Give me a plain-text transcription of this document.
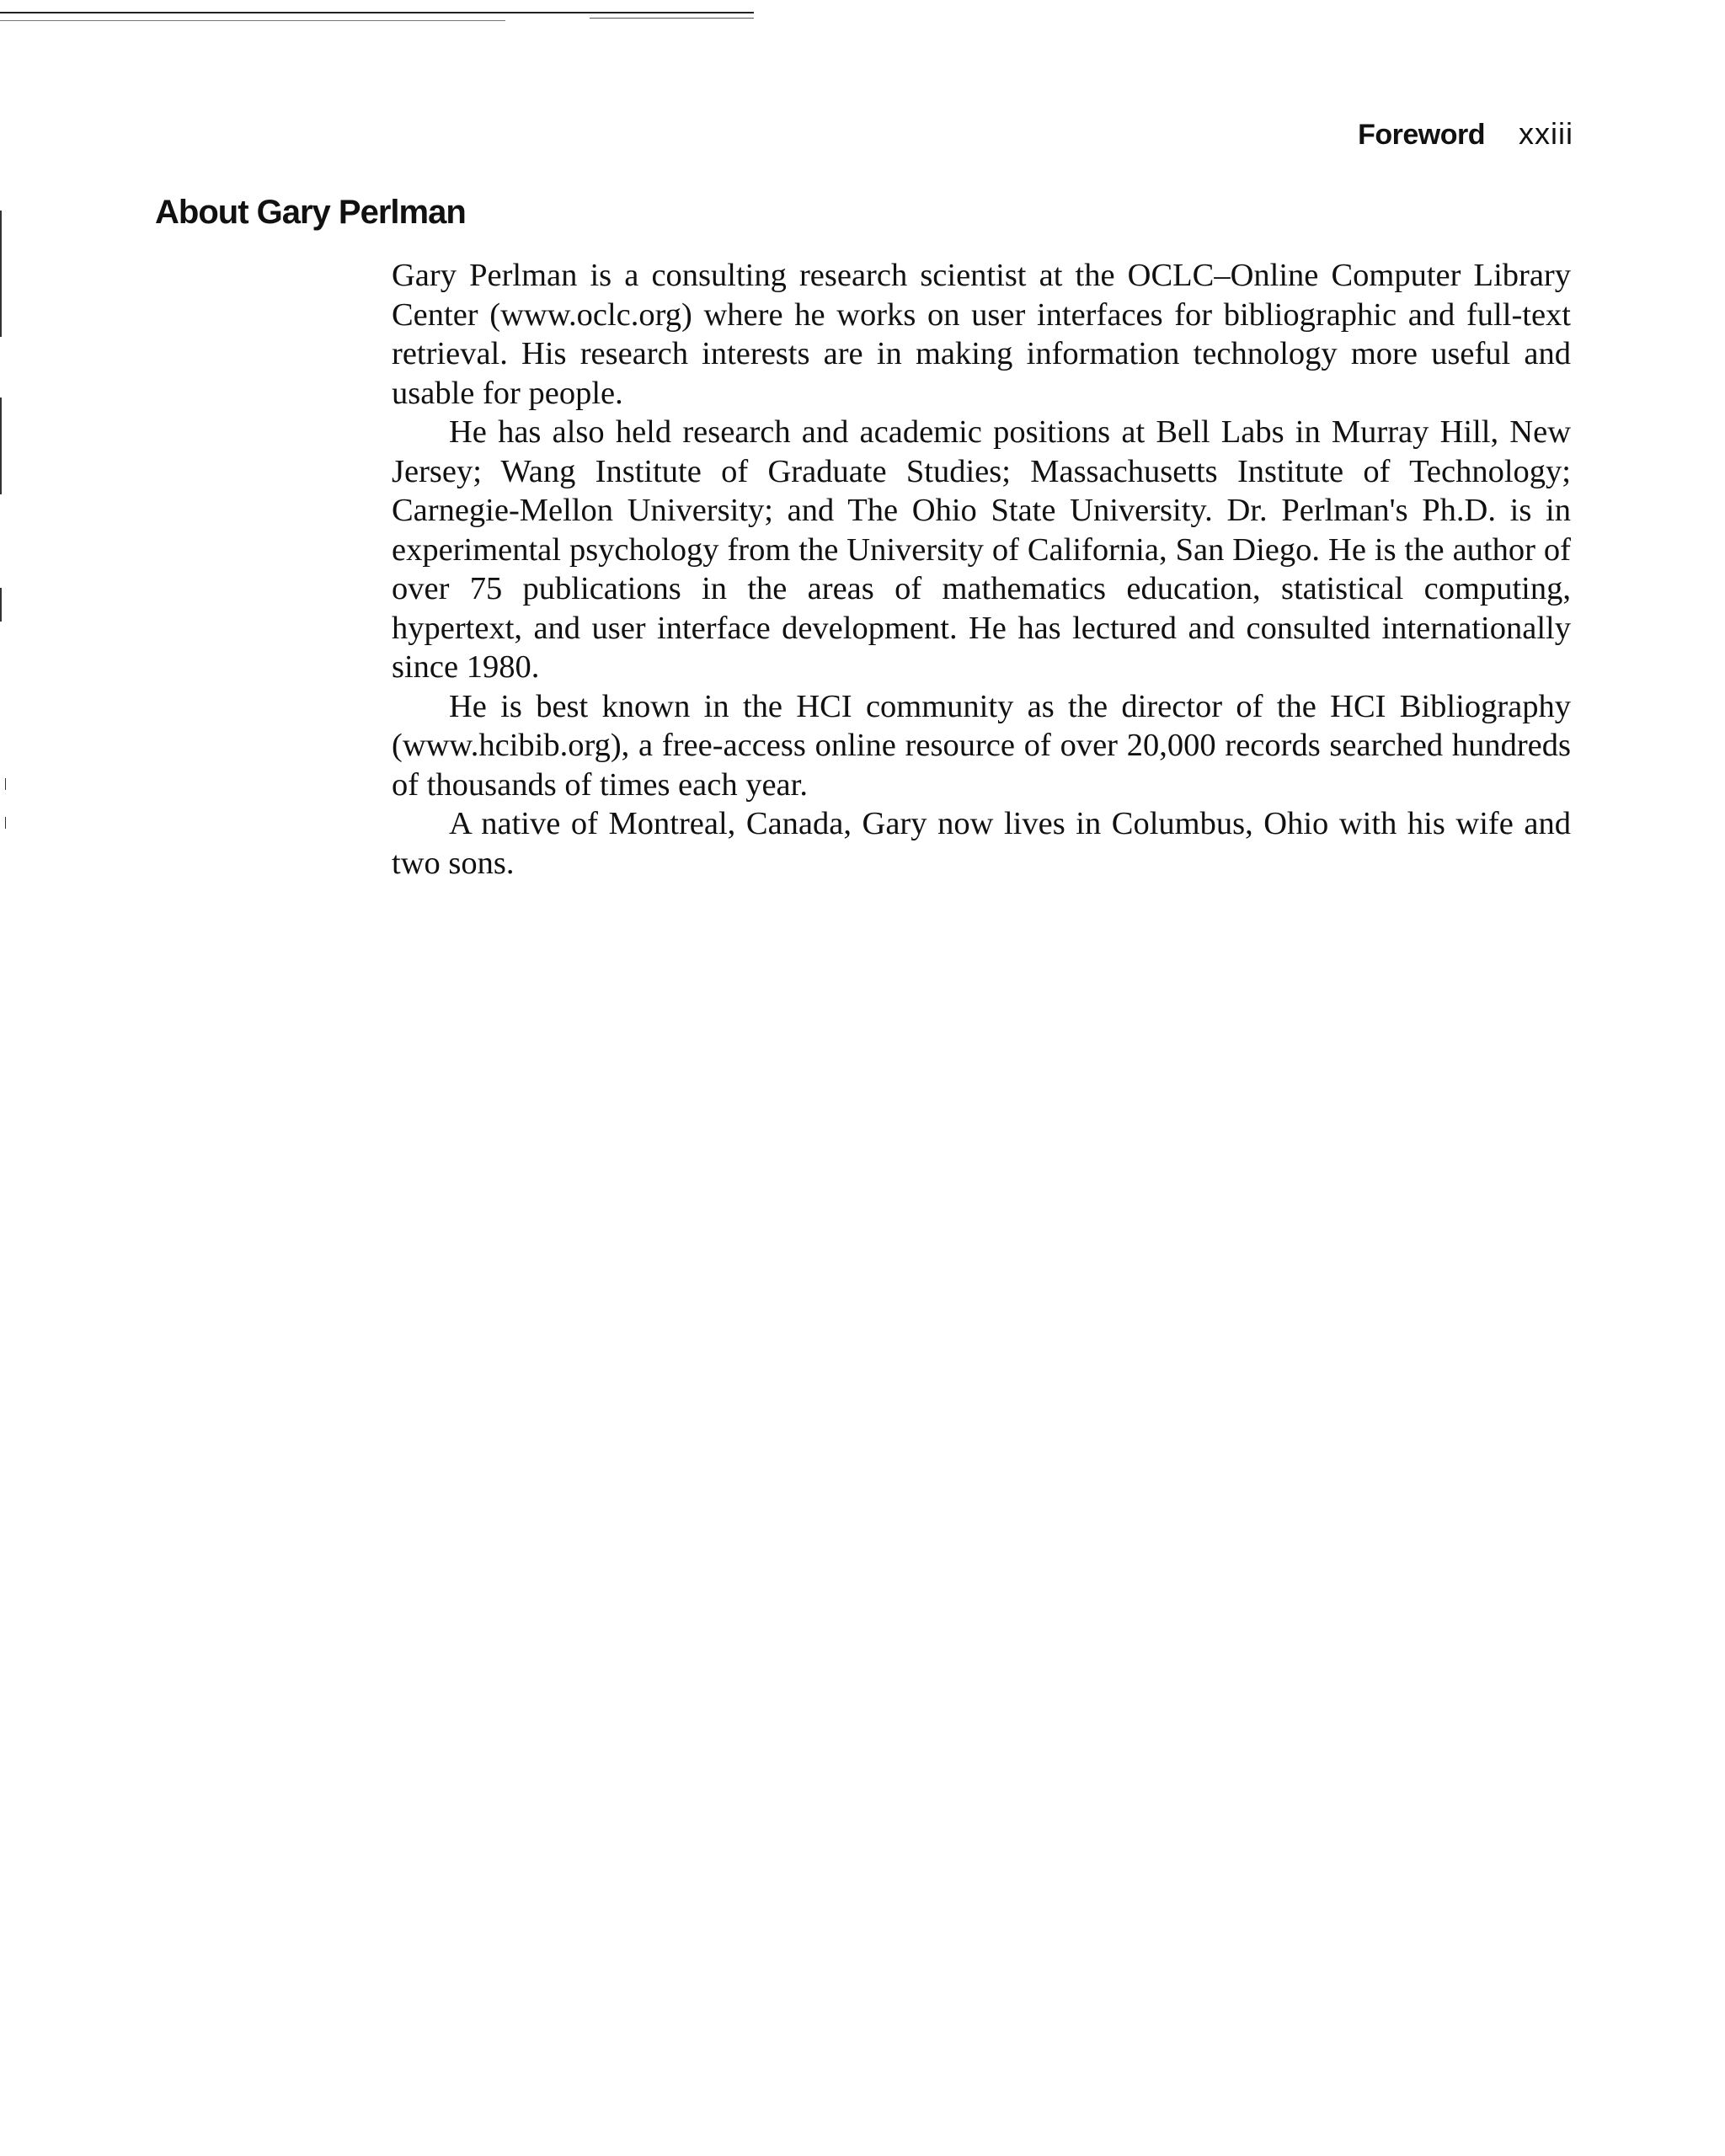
Foreword xxiii
About Gary Perlman

Gary Perlman is a consulting research scientist at the OCLC–Online Computer Library Center (www.oclc.org) where he works on user interfaces for bibliographic and full-text retrieval. His research interests are in making information technology more useful and usable for people.

He has also held research and academic positions at Bell Labs in Murray Hill, New Jersey; Wang Institute of Graduate Studies; Massachusetts Institute of Technology; Carnegie-Mellon University; and The Ohio State University. Dr. Perlman's Ph.D. is in experimental psychology from the University of California, San Diego. He is the author of over 75 publications in the areas of mathematics education, statistical computing, hypertext, and user interface development. He has lectured and consulted internationally since 1980.

He is best known in the HCI community as the director of the HCI Bibliography (www.hcibib.org), a free-access online resource of over 20,000 records searched hundreds of thousands of times each year.

A native of Montreal, Canada, Gary now lives in Columbus, Ohio with his wife and two sons.
